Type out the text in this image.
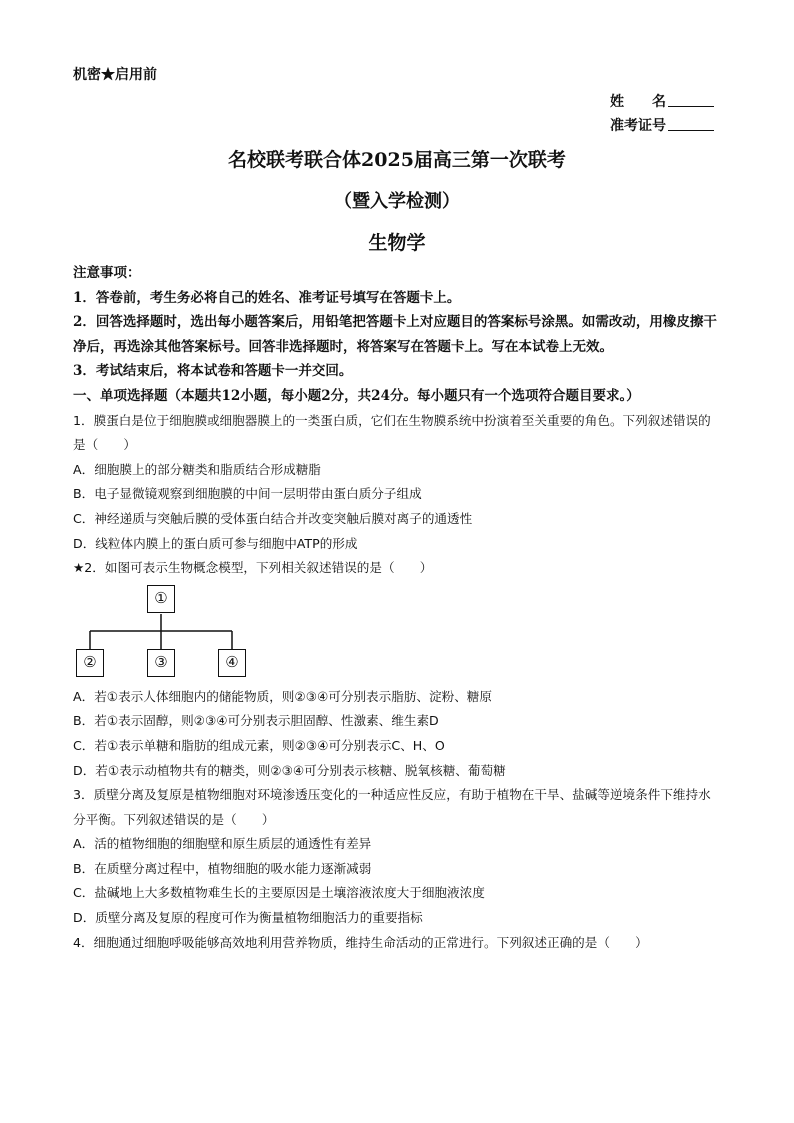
机密★启用前
姓　　名
准考证号
名校联考联合体2025届高三第一次联考
（暨入学检测）
生物学

注意事项：

1．答卷前，考生务必将自己的姓名、准考证号填写在答题卡上。

2．回答选择题时，选出每小题答案后，用铅笔把答题卡上对应题目的答案标号涂黑。如需改动，用橡皮擦干净后，再选涂其他答案标号。回答非选择题时，将答案写在答题卡上。写在本试卷上无效。

3．考试结束后，将本试卷和答题卡一并交回。

一、单项选择题（本题共12小题，每小题2分，共24分。每小题只有一个选项符合题目要求。）

1．膜蛋白是位于细胞膜或细胞器膜上的一类蛋白质，它们在生物膜系统中扮演着至关重要的角色。下列叙述错误的是（　　）

A．细胞膜上的部分糖类和脂质结合形成糖脂

B．电子显微镜观察到细胞膜的中间一层明带由蛋白质分子组成

C．神经递质与突触后膜的受体蛋白结合并改变突触后膜对离子的通透性

D．线粒体内膜上的蛋白质可参与细胞中ATP的形成

★2．如图可表示生物概念模型，下列相关叙述错误的是（　　）

①
②	③	④

A．若①表示人体细胞内的储能物质，则②③④可分别表示脂肪、淀粉、糖原

B．若①表示固醇，则②③④可分别表示胆固醇、性激素、维生素D

C．若①表示单糖和脂肪的组成元素，则②③④可分别表示C、H、O

D．若①表示动植物共有的糖类，则②③④可分别表示核糖、脱氧核糖、葡萄糖

3．质壁分离及复原是植物细胞对环境渗透压变化的一种适应性反应，有助于植物在干旱、盐碱等逆境条件下维持水分平衡。下列叙述错误的是（　　）

A．活的植物细胞的细胞壁和原生质层的通透性有差异

B．在质壁分离过程中，植物细胞的吸水能力逐渐减弱

C．盐碱地上大多数植物难生长的主要原因是土壤溶液浓度大于细胞液浓度

D．质壁分离及复原的程度可作为衡量植物细胞活力的重要指标

4．细胞通过细胞呼吸能够高效地利用营养物质，维持生命活动的正常进行。下列叙述正确的是（　　）
